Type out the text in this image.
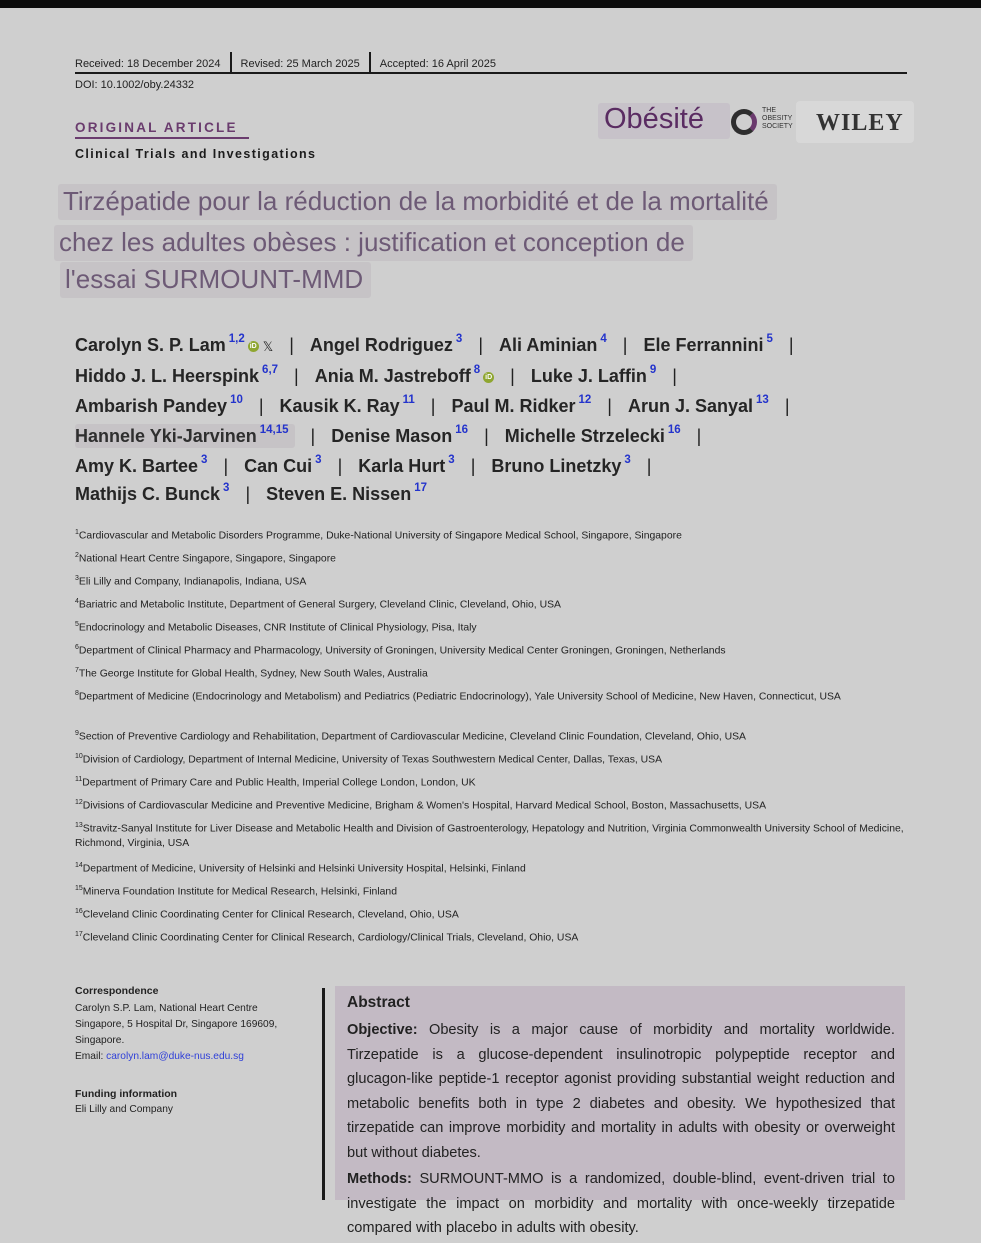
Received: 18 December 2024 Revised: 25 March 2025 Accepted: 16 April 2025
DOI: 10.1002/oby.24332
ORIGINAL ARTICLE
Clinical Trials and Investigations
Obésité	THE
OBESITY
SOCIETY WILEY
Tirzépatide pour la réduction de la morbidité et de la mortalité
chez les adultes obèses : justification et conception de
l'essai SURMOUNT-MMD
Carolyn S. P. Lam $^{1,2}$iD 𝕏 | Angel Rodriguez $^3$ | Ali Aminian $^4$ | Ele Ferrannini $^5$ |
Hiddo J. L. Heerspink $^{6,7}$ | Ania M. Jastreboff $^8$iD | Luke J. Laffin $^9$ |
Ambarish Pandey $^{10}$ | Kausik K. Ray $^{11}$ | Paul M. Ridker $^{12}$ | Arun J. Sanyal $^{13}$ |
Hannele Yki-Jarvinen $^{14,15}$ | Denise Mason $^{16}$ | Michelle Strzelecki $^{16}$ |
Amy K. Bartee $^3$ | Can Cui $^3$ | Karla Hurt $^3$ | Bruno Linetzky $^3$ |
Mathijs C. Bunck $^3$ | Steven E. Nissen $^{17}$
$^1$Cardiovascular and Metabolic Disorders Programme, Duke-National University of Singapore Medical School, Singapore, Singapore
$^2$National Heart Centre Singapore, Singapore, Singapore
$^3$Eli Lilly and Company, Indianapolis, Indiana, USA
$^4$Bariatric and Metabolic Institute, Department of General Surgery, Cleveland Clinic, Cleveland, Ohio, USA
$^5$Endocrinology and Metabolic Diseases, CNR Institute of Clinical Physiology, Pisa, Italy
$^6$Department of Clinical Pharmacy and Pharmacology, University of Groningen, University Medical Center Groningen, Groningen, Netherlands
$^7$The George Institute for Global Health, Sydney, New South Wales, Australia
$^8$Department of Medicine (Endocrinology and Metabolism) and Pediatrics (Pediatric Endocrinology), Yale University School of Medicine, New Haven, Connecticut, USA
$^9$Section of Preventive Cardiology and Rehabilitation, Department of Cardiovascular Medicine, Cleveland Clinic Foundation, Cleveland, Ohio, USA
$^{10}$Division of Cardiology, Department of Internal Medicine, University of Texas Southwestern Medical Center, Dallas, Texas, USA
$^{11}$Department of Primary Care and Public Health, Imperial College London, London, UK
$^{12}$Divisions of Cardiovascular Medicine and Preventive Medicine, Brigham & Women's Hospital, Harvard Medical School, Boston, Massachusetts, USA
$^{13}$Stravitz-Sanyal Institute for Liver Disease and Metabolic Health and Division of Gastroenterology, Hepatology and Nutrition, Virginia Commonwealth University School of Medicine, Richmond, Virginia, USA
$^{14}$Department of Medicine, University of Helsinki and Helsinki University Hospital, Helsinki, Finland
$^{15}$Minerva Foundation Institute for Medical Research, Helsinki, Finland
$^{16}$Cleveland Clinic Coordinating Center for Clinical Research, Cleveland, Ohio, USA
$^{17}$Cleveland Clinic Coordinating Center for Clinical Research, Cardiology/Clinical Trials, Cleveland, Ohio, USA
Correspondence
Carolyn S.P. Lam, National Heart Centre Singapore, 5 Hospital Dr, Singapore 169609, Singapore.
Email: carolyn.lam@duke-nus.edu.sg
Funding information
Eli Lilly and Company
Abstract

Objective: Obesity is a major cause of morbidity and mortality worldwide. Tirzepatide is a glucose-dependent insulinotropic polypeptide receptor and glucagon-like peptide-1 receptor agonist providing substantial weight reduction and metabolic benefits both in type 2 diabetes and obesity. We hypothesized that tirzepatide can improve morbidity and mortality in adults with obesity or overweight but without diabetes.

Methods: SURMOUNT-MMO is a randomized, double-blind, event-driven trial to investigate the impact on morbidity and mortality with once-weekly tirzepatide compared with placebo in adults with obesity.
